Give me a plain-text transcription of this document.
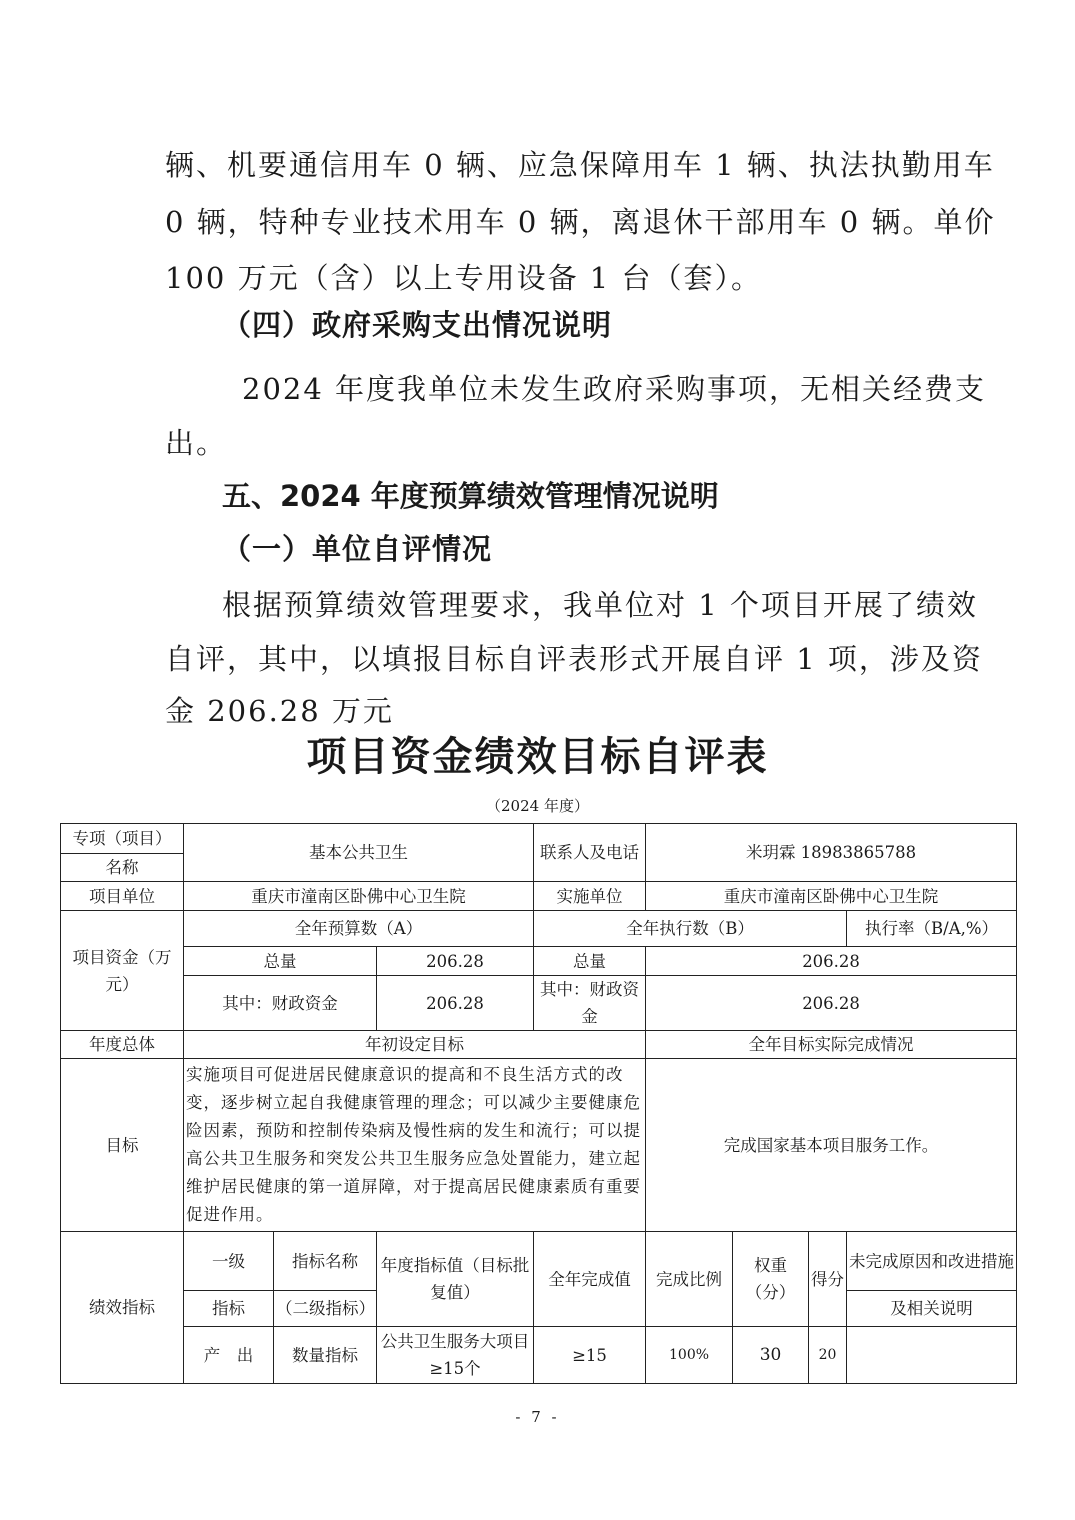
辆、机要通信用车 0 辆、应急保障用车 1 辆、执法执勤用车
0 辆，特种专业技术用车 0 辆，离退休干部用车 0 辆。单价
100 万元（含）以上专用设备 1 台（套）。
（四）政府采购支出情况说明
2024 年度我单位未发生政府采购事项，无相关经费支
出。
五、2024 年度预算绩效管理情况说明
（一）单位自评情况
根据预算绩效管理要求，我单位对 1 个项目开展了绩效
自评，其中，以填报目标自评表形式开展自评 1 项，涉及资
金 206.28 万元
项目资金绩效目标自评表
（2024 年度）
专项（项目）	基本公共卫生			联系人及电话	米玥霖 18983865788				
名称									
项目单位	重庆市潼南区卧佛中心卫生院			实施单位	重庆市潼南区卧佛中心卫生院				
项目资金（万元）	全年预算数（A）			全年执行数（B）				执行率（B/A,%）	
	总量		206.28	总量	206.28	
	其中：财政资金		206.28	其中：财政资金	206.28	
年度总体	年初设定目标				全年目标实际完成情况				
目标	实施项目可促进居民健康意识的提高和不良生活方式的改变，逐步树立起自我健康管理的理念；可以减少主要健康危险因素，预防和控制传染病及慢性病的发生和流行；可以提高公共卫生服务和突发公共卫生服务应急处置能力，建立起维护居民健康的第一道屏障，对于提高居民健康素质有重要促进作用。				完成国家基本项目服务工作。				
绩效指标	一级	指标名称	年度指标值（目标批复值）	全年完成值	完成比例	权重（分）	得分	未完成原因和改进措施	
	指标	（二级指标）						及相关说明	
	产　出	数量指标	公共卫生服务大项目≥15个	≥15	100%	30	20		
- 7 -
